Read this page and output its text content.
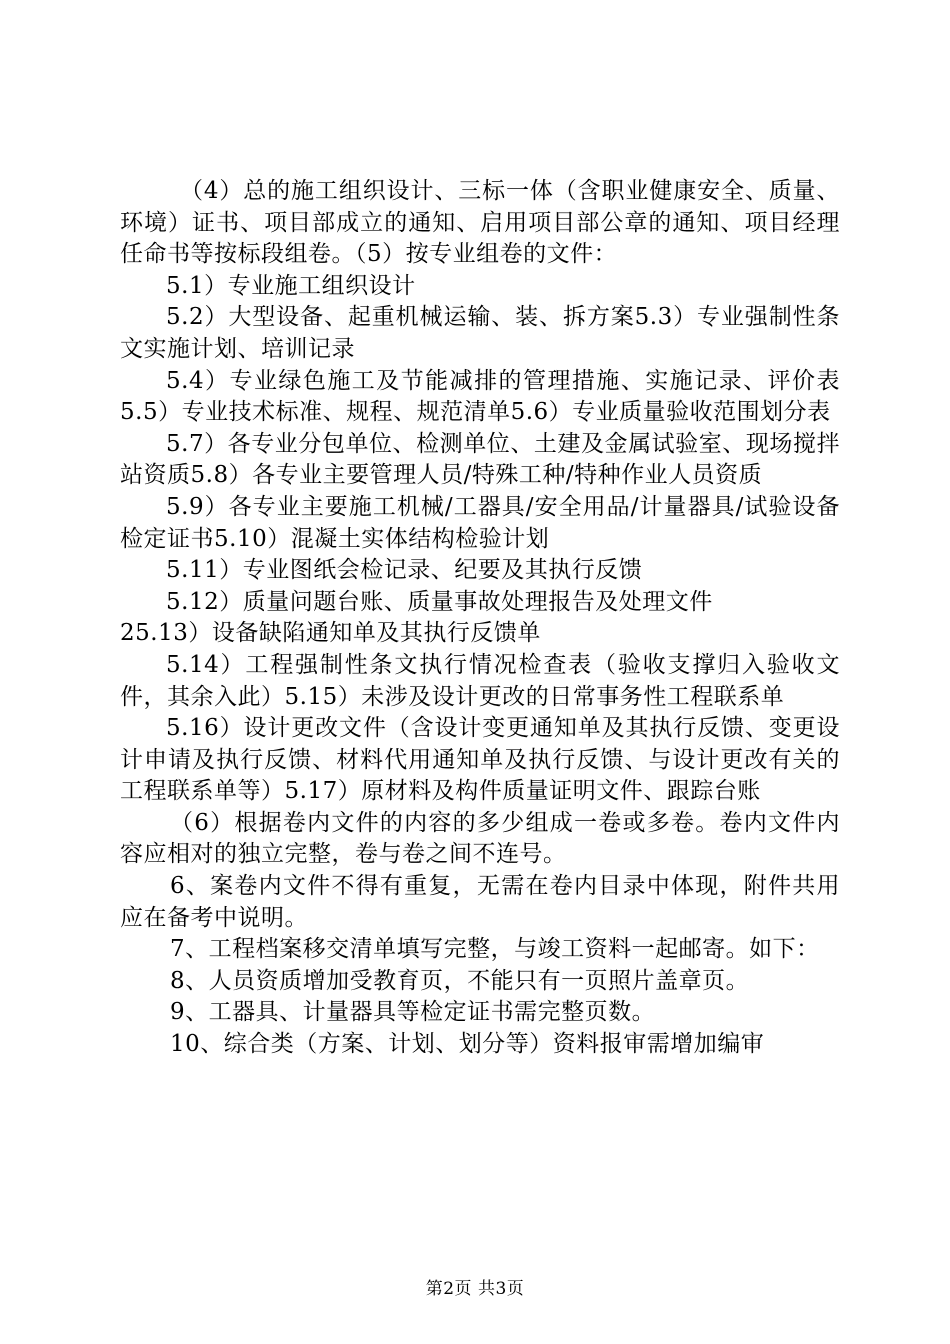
（4）总的施工组织设计、三标一体（含职业健康安全、质量、环境）证书、项目部成立的通知、启用项目部公章的通知、项目经理任命书等按标段组卷。（5）按专业组卷的文件：

5.1）专业施工组织设计

5.2）大型设备、起重机械运输、装、拆方案5.3）专业强制性条文实施计划、培训记录

5.4）专业绿色施工及节能减排的管理措施、实施记录、评价表5.5）专业技术标准、规程、规范清单5.6）专业质量验收范围划分表

5.7）各专业分包单位、检测单位、土建及金属试验室、现场搅拌站资质5.8）各专业主要管理人员/特殊工种/特种作业人员资质

5.9）各专业主要施工机械/工器具/安全用品/计量器具/试验设备检定证书5.10）混凝土实体结构检验计划

5.11）专业图纸会检记录、纪要及其执行反馈

5.12）质量问题台账、质量事故处理报告及处理文件

25.13）设备缺陷通知单及其执行反馈单

5.14）工程强制性条文执行情况检查表（验收支撑归入验收文件，其余入此）5.15）未涉及设计更改的日常事务性工程联系单

5.16）设计更改文件（含设计变更通知单及其执行反馈、变更设计申请及执行反馈、材料代用通知单及执行反馈、与设计更改有关的工程联系单等）5.17）原材料及构件质量证明文件、跟踪台账

（6）根据卷内文件的内容的多少组成一卷或多卷。卷内文件内容应相对的独立完整，卷与卷之间不连号。

6、案卷内文件不得有重复，无需在卷内目录中体现，附件共用应在备考中说明。

7、工程档案移交清单填写完整，与竣工资料一起邮寄。如下：

8、人员资质增加受教育页，不能只有一页照片盖章页。

9、工器具、计量器具等检定证书需完整页数。

10、综合类（方案、计划、划分等）资料报审需增加编审

第2页 共3页
